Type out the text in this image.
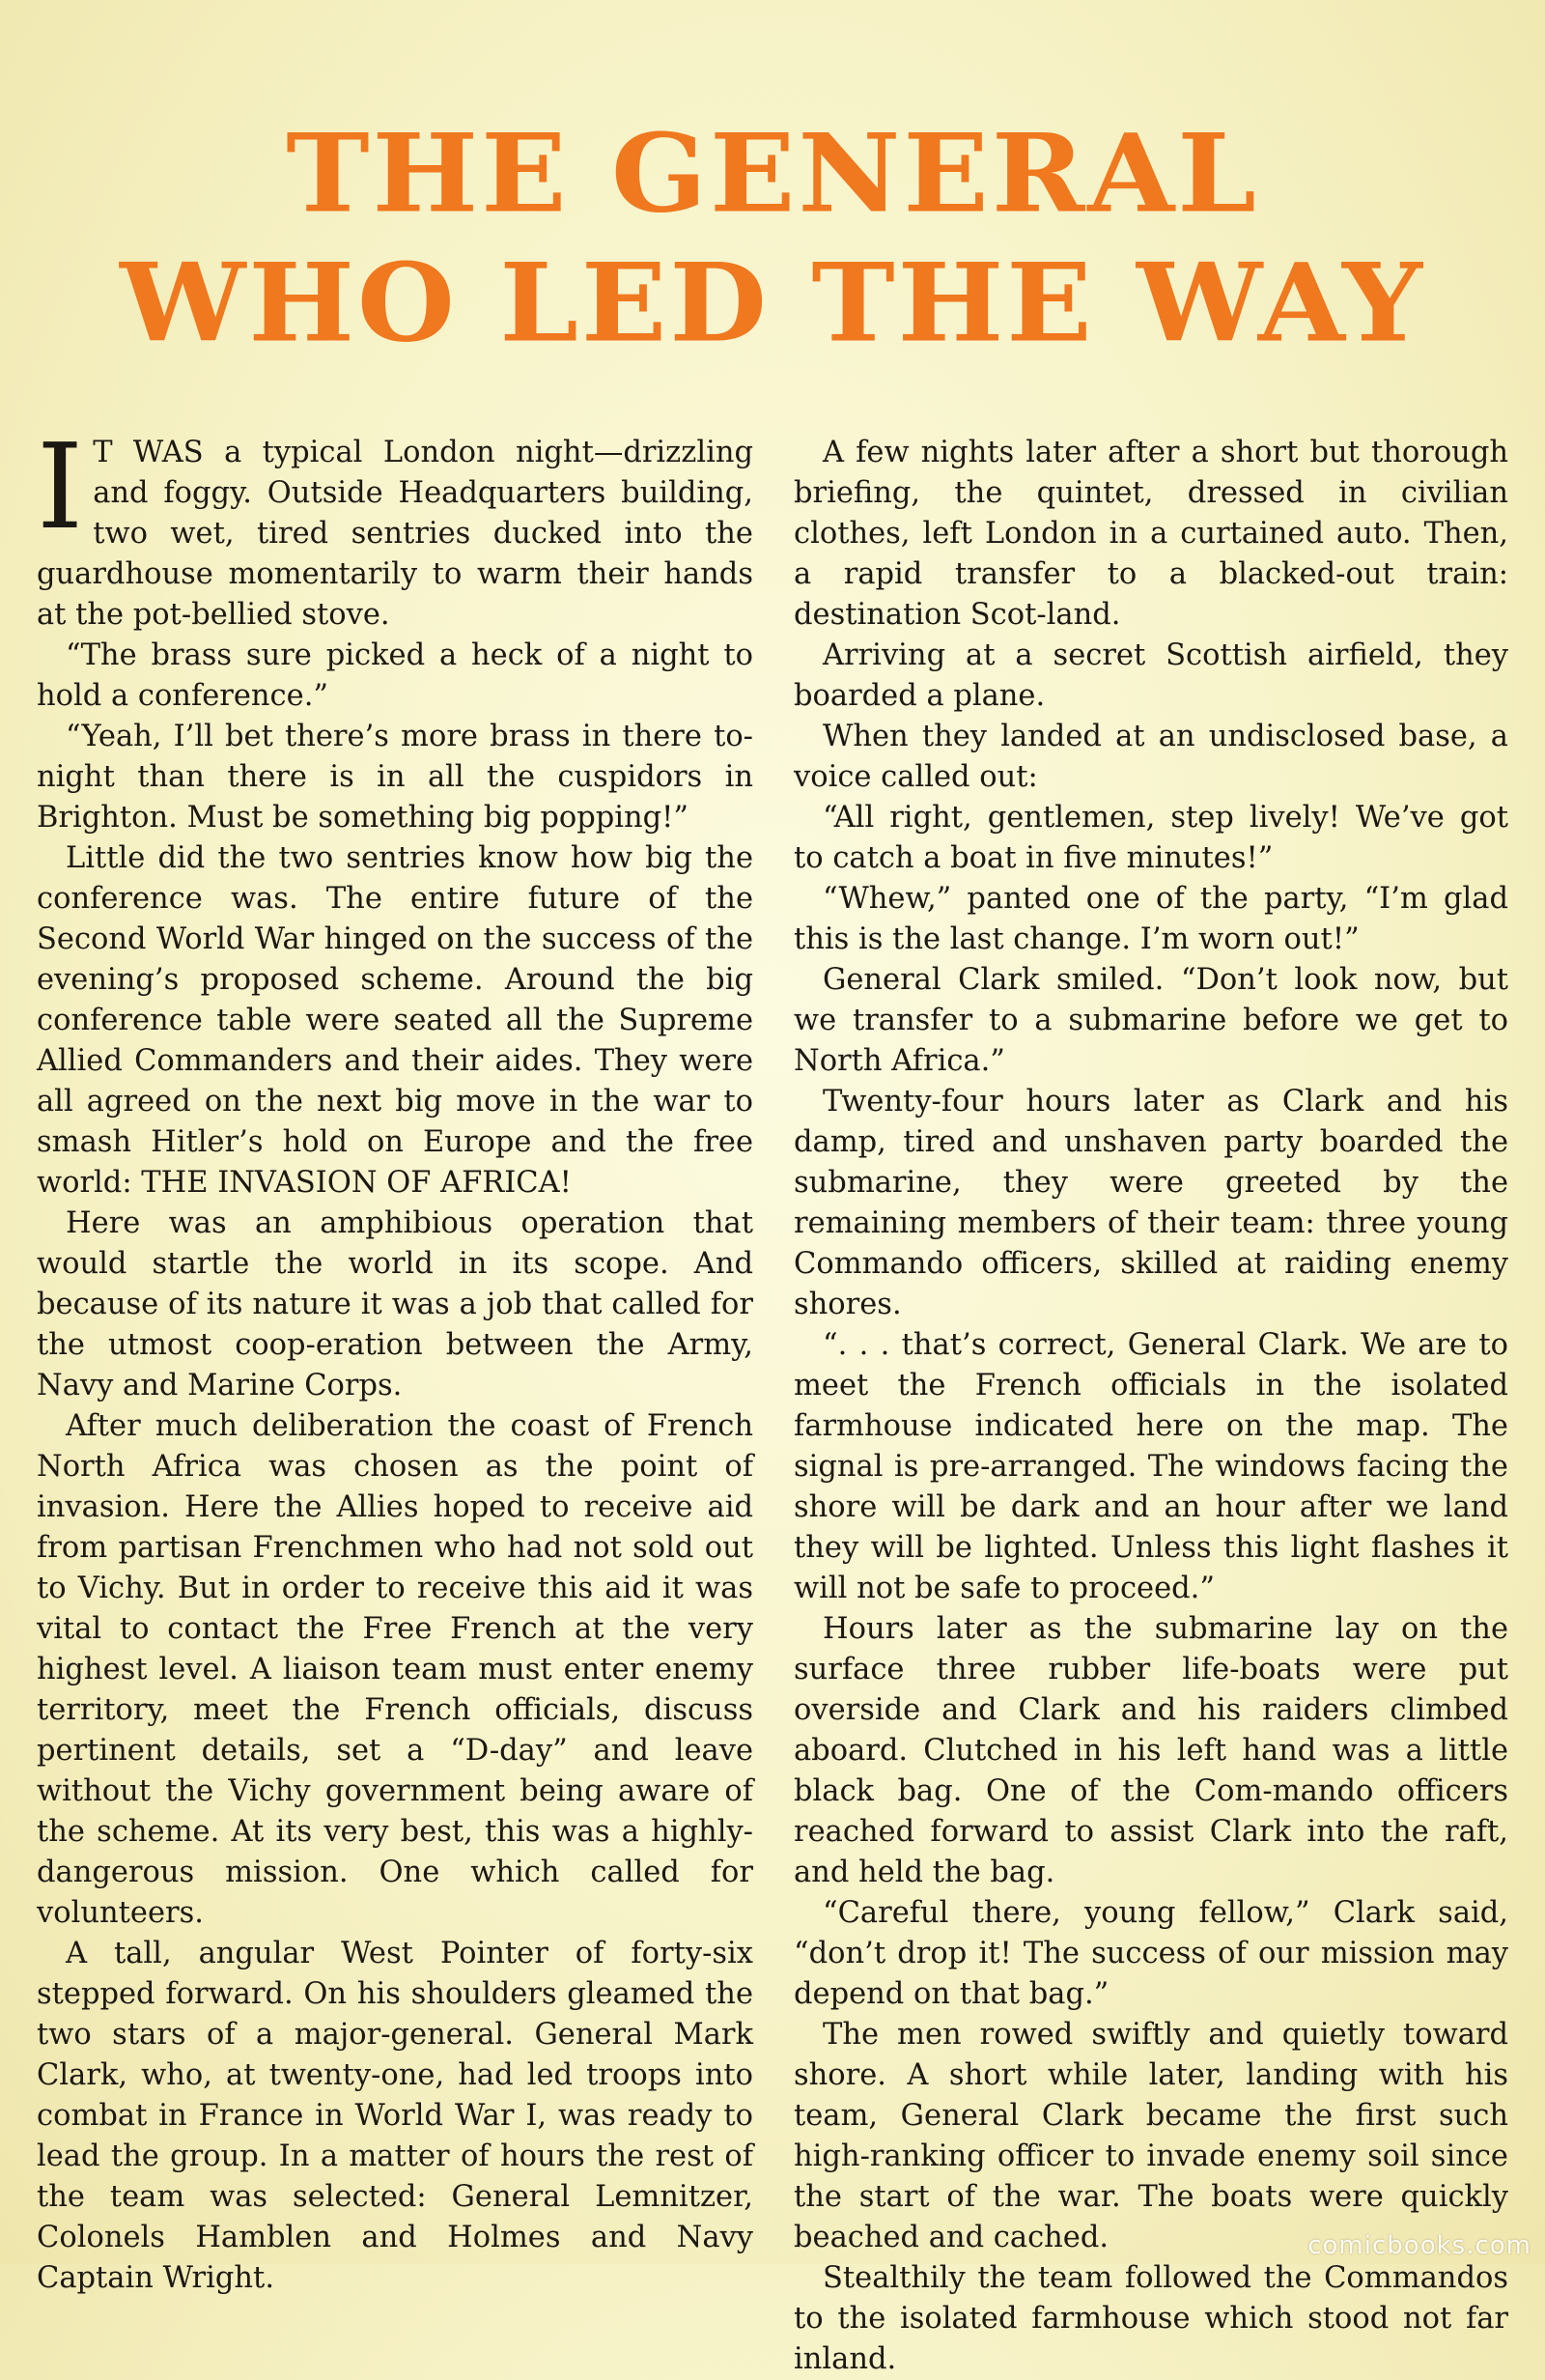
THE GENERAL
WHO LED THE WAY

I T WAS a typical London night—drizzling and foggy. Outside Headquarters building, two wet, tired sentries ducked into the guardhouse momentarily to warm their hands at the pot-bellied stove.

“The brass sure picked a heck of a night to hold a conference.”

“Yeah, I’ll bet there’s more brass in there to-night than there is in all the cuspidors in Brighton. Must be something big popping!”

Little did the two sentries know how big the conference was. The entire future of the Second World War hinged on the success of the evening’s proposed scheme. Around the big conference table were seated all the Supreme Allied Commanders and their aides. They were all agreed on the next big move in the war to smash Hitler’s hold on Europe and the free world: THE INVASION OF AFRICA!

Here was an amphibious operation that would startle the world in its scope. And because of its nature it was a job that called for the utmost coop-eration between the Army, Navy and Marine Corps.

After much deliberation the coast of French North Africa was chosen as the point of invasion. Here the Allies hoped to receive aid from partisan Frenchmen who had not sold out to Vichy. But in order to receive this aid it was vital to contact the Free French at the very highest level. A liaison team must enter enemy territory, meet the French officials, discuss pertinent details, set a “D-day” and leave without the Vichy government being aware of the scheme. At its very best, this was a highly-dangerous mission. One which called for volunteers.

A tall, angular West Pointer of forty-six stepped forward. On his shoulders gleamed the two stars of a major-general. General Mark Clark, who, at twenty-one, had led troops into combat in France in World War I, was ready to lead the group. In a matter of hours the rest of the team was selected: General Lemnitzer, Colonels Hamblen and Holmes and Navy Captain Wright.

A few nights later after a short but thorough briefing, the quintet, dressed in civilian clothes, left London in a curtained auto. Then, a rapid transfer to a blacked-out train: destination Scot-land.

Arriving at a secret Scottish airfield, they boarded a plane.

When they landed at an undisclosed base, a voice called out:

“All right, gentlemen, step lively! We’ve got to catch a boat in five minutes!”

“Whew,” panted one of the party, “I’m glad this is the last change. I’m worn out!”

General Clark smiled. “Don’t look now, but we transfer to a submarine before we get to North Africa.”

Twenty-four hours later as Clark and his damp, tired and unshaven party boarded the submarine, they were greeted by the remaining members of their team: three young Commando officers, skilled at raiding enemy shores.

“. . . that’s correct, General Clark. We are to meet the French officials in the isolated farmhouse indicated here on the map. The signal is pre-arranged. The windows facing the shore will be dark and an hour after we land they will be lighted. Unless this light flashes it will not be safe to proceed.”

Hours later as the submarine lay on the surface three rubber life-boats were put overside and Clark and his raiders climbed aboard. Clutched in his left hand was a little black bag. One of the Com-mando officers reached forward to assist Clark into the raft, and held the bag.

“Careful there, young fellow,” Clark said, “don’t drop it! The success of our mission may depend on that bag.”

The men rowed swiftly and quietly toward shore. A short while later, landing with his team, General Clark became the first such high-ranking officer to invade enemy soil since the start of the war. The boats were quickly beached and cached.

Stealthily the team followed the Commandos to the isolated farmhouse which stood not far inland.

comicbooks.com
